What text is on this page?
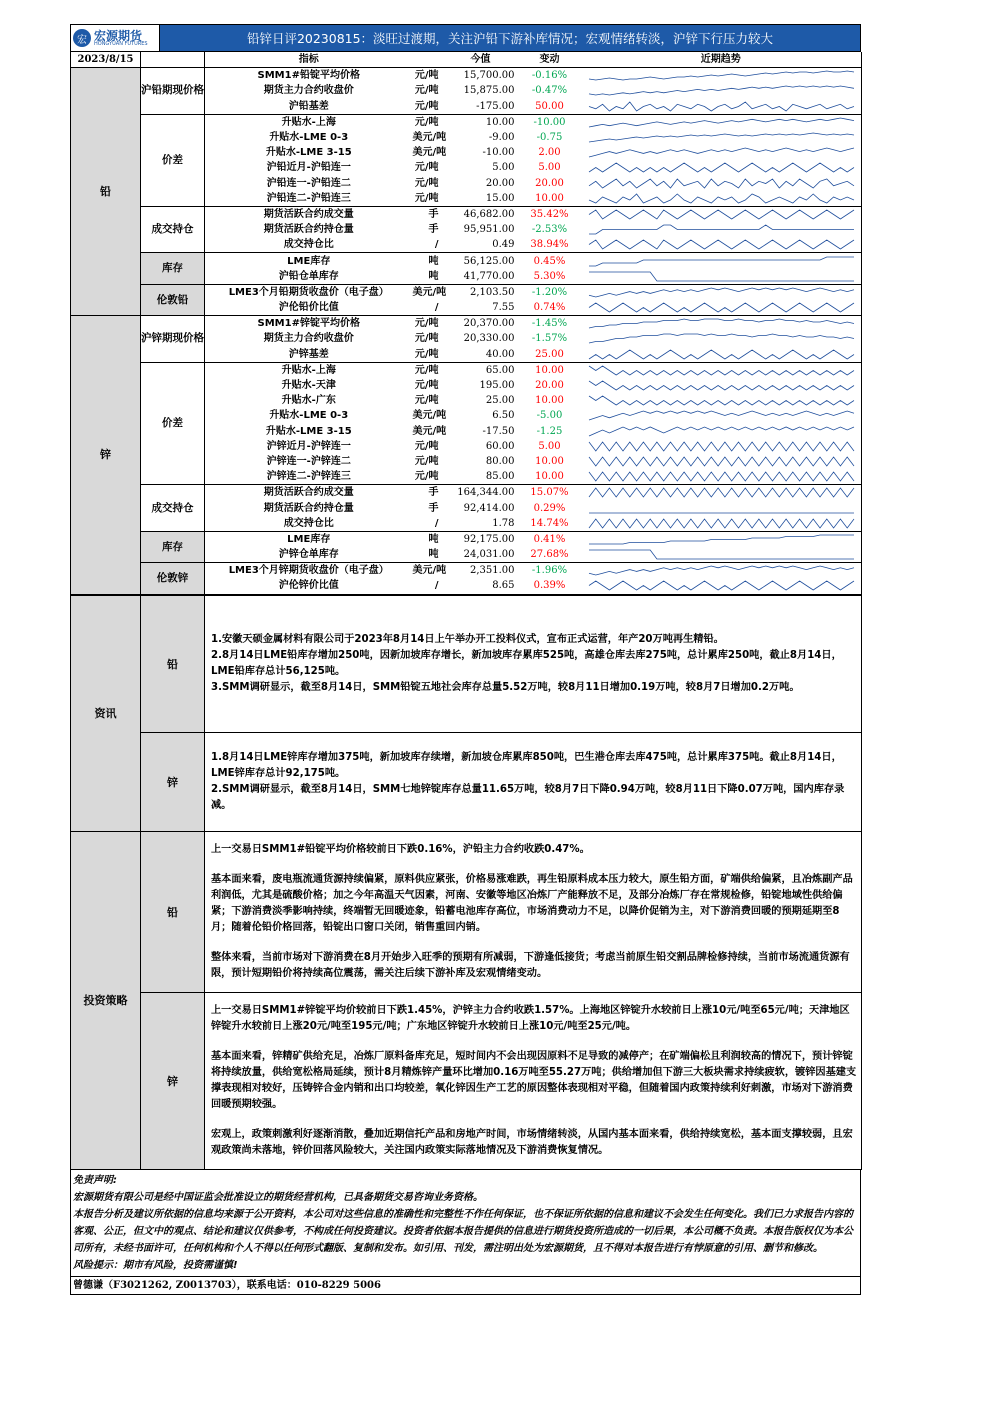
宏 宏源期货
HONGYUAN FUTURES	铅锌日评20230815：淡旺过渡期，关注沪铅下游补库情况；宏观情绪转淡，沪锌下行压力较大
2023/8/15		指标		今值	变动	近期趋势
铅	沪铅期现价格	SMM1#铅锭平均价格	元/吨	15,700.00	-0.16%	

		期货主力合约收盘价	元/吨	15,875.00	-0.47%	

		沪铅基差	元/吨	-175.00	50.00	

	价差	升贴水-上海	元/吨	10.00	-10.00	

		升贴水-LME 0-3	美元/吨	-9.00	-0.75	

		升贴水-LME 3-15	美元/吨	-10.00	2.00	

		沪铅近月-沪铅连一	元/吨	5.00	5.00	

		沪铅连一-沪铅连二	元/吨	20.00	20.00	

		沪铅连二-沪铅连三	元/吨	15.00	10.00	

	成交持仓	期货活跃合约成交量	手	46,682.00	35.42%	

		期货活跃合约持仓量	手	95,951.00	-2.53%	

		成交持仓比	/	0.49	38.94%	

	库存	LME库存	吨	56,125.00	0.45%	

		沪铅仓单库存	吨	41,770.00	5.30%	

	伦敦铅	LME3个月铅期货收盘价（电子盘）	美元/吨	2,103.50	-1.20%	

		沪伦铅价比值	/	7.55	0.74%	

锌	沪锌期现价格	SMM1#锌锭平均价格	元/吨	20,370.00	-1.45%	

		期货主力合约收盘价	元/吨	20,330.00	-1.57%	

		沪锌基差	元/吨	40.00	25.00	

	价差	升贴水-上海	元/吨	65.00	10.00	

		升贴水-天津	元/吨	195.00	20.00	

		升贴水-广东	元/吨	25.00	10.00	

		升贴水-LME 0-3	美元/吨	6.50	-5.00	

		升贴水-LME 3-15	美元/吨	-17.50	-1.25	

		沪锌近月-沪锌连一	元/吨	60.00	5.00	

		沪锌连一-沪锌连二	元/吨	80.00	10.00	

		沪锌连二-沪锌连三	元/吨	85.00	10.00	

	成交持仓	期货活跃合约成交量	手	164,344.00	15.07%	

		期货活跃合约持仓量	手	92,414.00	0.29%	

		成交持仓比	/	1.78	14.74%	

	库存	LME库存	吨	92,175.00	0.41%	

		沪锌仓单库存	吨	24,031.00	27.68%	

	伦敦锌	LME3个月锌期货收盘价（电子盘）	美元/吨	2,351.00	-1.96%	

		沪伦锌价比值	/	8.65	0.39%	
资讯	铅	1.安徽天硕金属材料有限公司于2023年8月14日上午举办开工投料仪式，宣布正式运营，年产20万吨再生精铅。
2.8月14日LME铅库存增加250吨，因新加坡库存增长，新加坡库存累库525吨，高雄仓库去库275吨，总计累库250吨，截止8月14日，LME铅库存总计56,125吨。
3.SMM调研显示，截至8月14日，SMM铅锭五地社会库存总量5.52万吨，较8月11日增加0.19万吨，较8月7日增加0.2万吨。

	锌	1.8月14日LME锌库存增加375吨，新加坡库存续增，新加坡仓库累库850吨，巴生港仓库去库475吨，总计累库375吨。截止8月14日，LME锌库存总计92,175吨。
2.SMM调研显示，截至8月14日，SMM七地锌锭库存总量11.65万吨，较8月7日下降0.94万吨，较8月11日下降0.07万吨，国内库存录减。

投资策略	铅	上一交易日SMM1#铅锭平均价格较前日下跌0.16%，沪铅主力合约收跌0.47%。

基本面来看，废电瓶流通货源持续偏紧，原料供应紧张，价格易涨难跌，再生铅原料成本压力较大，原生铅方面，矿端供给偏紧，且冶炼副产品利润低，尤其是硫酸价格；加之今年高温天气因素，河南、安徽等地区冶炼厂产能释放不足，及部分冶炼厂存在常规检修，铅锭地域性供给偏紧；下游消费淡季影响持续，终端暂无回暖迹象，铅蓄电池库存高位，市场消费动力不足，以降价促销为主，对下游消费回暖的预期延期至8月；随着伦铅价格回落，铅锭出口窗口关闭，销售重回内销。

整体来看，当前市场对下游消费在8月开始步入旺季的预期有所减弱，下游逢低接货；考虑当前原生铅交割品牌检修持续，当前市场流通货源有限，预计短期铅价将持续高位震荡，需关注后续下游补库及宏观情绪变动。

	锌	上一交易日SMM1#锌锭平均价较前日下跌1.45%，沪锌主力合约收跌1.57%。上海地区锌锭升水较前日上涨10元/吨至65元/吨；天津地区锌锭升水较前日上涨20元/吨至195元/吨；广东地区锌锭升水较前日上涨10元/吨至25元/吨。

基本面来看，锌精矿供给充足，冶炼厂原料备库充足，短时间内不会出现因原料不足导致的减停产；在矿端偏松且利润较高的情况下，预计锌锭将持续放量，供给宽松格局延续，预计8月精炼锌产量环比增加0.16万吨至55.27万吨；供给增加但下游三大板块需求持续疲软，镀锌因基建支撑表现相对较好，压铸锌合金内销和出口均较差，氧化锌因生产工艺的原因整体表现相对平稳，但随着国内政策持续利好刺激，市场对下游消费回暖预期较强。

宏观上，政策刺激利好逐渐消散，叠加近期信托产品和房地产时间，市场情绪转淡，从国内基本面来看，供给持续宽松，基本面支撑较弱，且宏观政策尚未落地，锌价回落风险较大，关注国内政策实际落地情况及下游消费恢复情况。

免责声明:
宏源期货有限公司是经中国证监会批准设立的期货经营机构，已具备期货交易咨询业务资格。
本报告分析及建议所依据的信息均来源于公开资料，本公司对这些信息的准确性和完整性不作任何保证，也不保证所依据的信息和建议不会发生任何变化。我们已力求报告内容的客观、公正，但文中的观点、结论和建议仅供参考，不构成任何投资建议。投资者依据本报告提供的信息进行期货投资所造成的一切后果，本公司概不负责。本报告版权仅为本公司所有，未经书面许可，任何机构和个人不得以任何形式翻版、复制和发布。如引用、刊发，需注明出处为宏源期货，且不得对本报告进行有悖原意的引用、删节和修改。
风险提示：期市有风险，投资需谨慎!
曾德谦（F3021262, Z0013703），联系电话：010-8229 5006
